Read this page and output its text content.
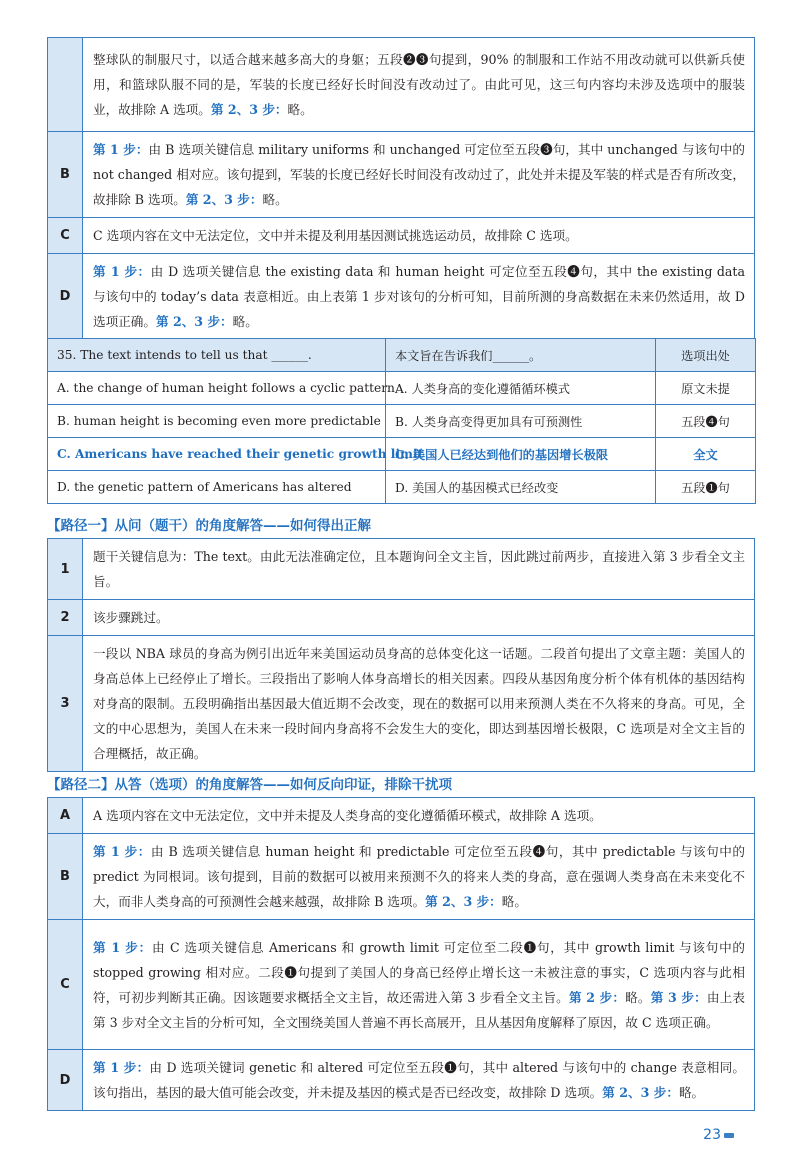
	整球队的制服尺寸，以适合越来越多高大的身躯；五段❷❸句提到，90% 的制服和工作站不用改动就可以供新兵使用，和篮球队服不同的是，军装的长度已经好长时间没有改动过了。由此可见，这三句内容均未涉及选项中的服装业，故排除 A 选项。第 2、3 步：略。
B	第 1 步：由 B 选项关键信息 military uniforms 和 unchanged 可定位至五段❸句，其中 unchanged 与该句中的 not changed 相对应。该句提到，军装的长度已经好长时间没有改动过了，此处并未提及军装的样式是否有所改变，故排除 B 选项。第 2、3 步：略。
C	C 选项内容在文中无法定位，文中并未提及利用基因测试挑选运动员，故排除 C 选项。
D	第 1 步：由 D 选项关键信息 the existing data 和 human height 可定位至五段❹句，其中 the existing data 与该句中的 today’s data 表意相近。由上表第 1 步对该句的分析可知，目前所测的身高数据在未来仍然适用，故 D 选项正确。第 2、3 步：略。
35. The text intends to tell us that ______.	本文旨在告诉我们______。	选项出处
A. the change of human height follows a cyclic pattern	A. 人类身高的变化遵循循环模式	原文未提
B. human height is becoming even more predictable	B. 人类身高变得更加具有可预测性	五段❹句
C. Americans have reached their genetic growth limit	C. 美国人已经达到他们的基因增长极限	全文
D. the genetic pattern of Americans has altered	D. 美国人的基因模式已经改变	五段❶句
【路径一】从问（题干）的角度解答——如何得出正解
1	题干关键信息为：The text。由此无法准确定位，且本题询问全文主旨，因此跳过前两步，直接进入第 3 步看全文主旨。
2	该步骤跳过。
3	一段以 NBA 球员的身高为例引出近年来美国运动员身高的总体变化这一话题。二段首句提出了文章主题：美国人的身高总体上已经停止了增长。三段指出了影响人体身高增长的相关因素。四段从基因角度分析个体有机体的基因结构对身高的限制。五段明确指出基因最大值近期不会改变，现在的数据可以用来预测人类在不久将来的身高。可见，全文的中心思想为，美国人在未来一段时间内身高将不会发生大的变化，即达到基因增长极限，C 选项是对全文主旨的合理概括，故正确。
【路径二】从答（选项）的角度解答——如何反向印证，排除干扰项
A	A 选项内容在文中无法定位，文中并未提及人类身高的变化遵循循环模式，故排除 A 选项。
B	第 1 步：由 B 选项关键信息 human height 和 predictable 可定位至五段❹句，其中 predictable 与该句中的 predict 为同根词。该句提到，目前的数据可以被用来预测不久的将来人类的身高，意在强调人类身高在未来变化不大，而非人类身高的可预测性会越来越强，故排除 B 选项。第 2、3 步：略。
C	第 1 步：由 C 选项关键信息 Americans 和 growth limit 可定位至二段❶句，其中 growth limit 与该句中的 stopped growing 相对应。二段❶句提到了美国人的身高已经停止增长这一未被注意的事实，C 选项内容与此相符，可初步判断其正确。因该题要求概括全文主旨，故还需进入第 3 步看全文主旨。第 2 步：略。第 3 步：由上表第 3 步对全文主旨的分析可知，全文围绕美国人普遍不再长高展开，且从基因角度解释了原因，故 C 选项正确。
D	第 1 步：由 D 选项关键词 genetic 和 altered 可定位至五段❶句，其中 altered 与该句中的 change 表意相同。该句指出，基因的最大值可能会改变，并未提及基因的模式是否已经改变，故排除 D 选项。第 2、3 步：略。
23
